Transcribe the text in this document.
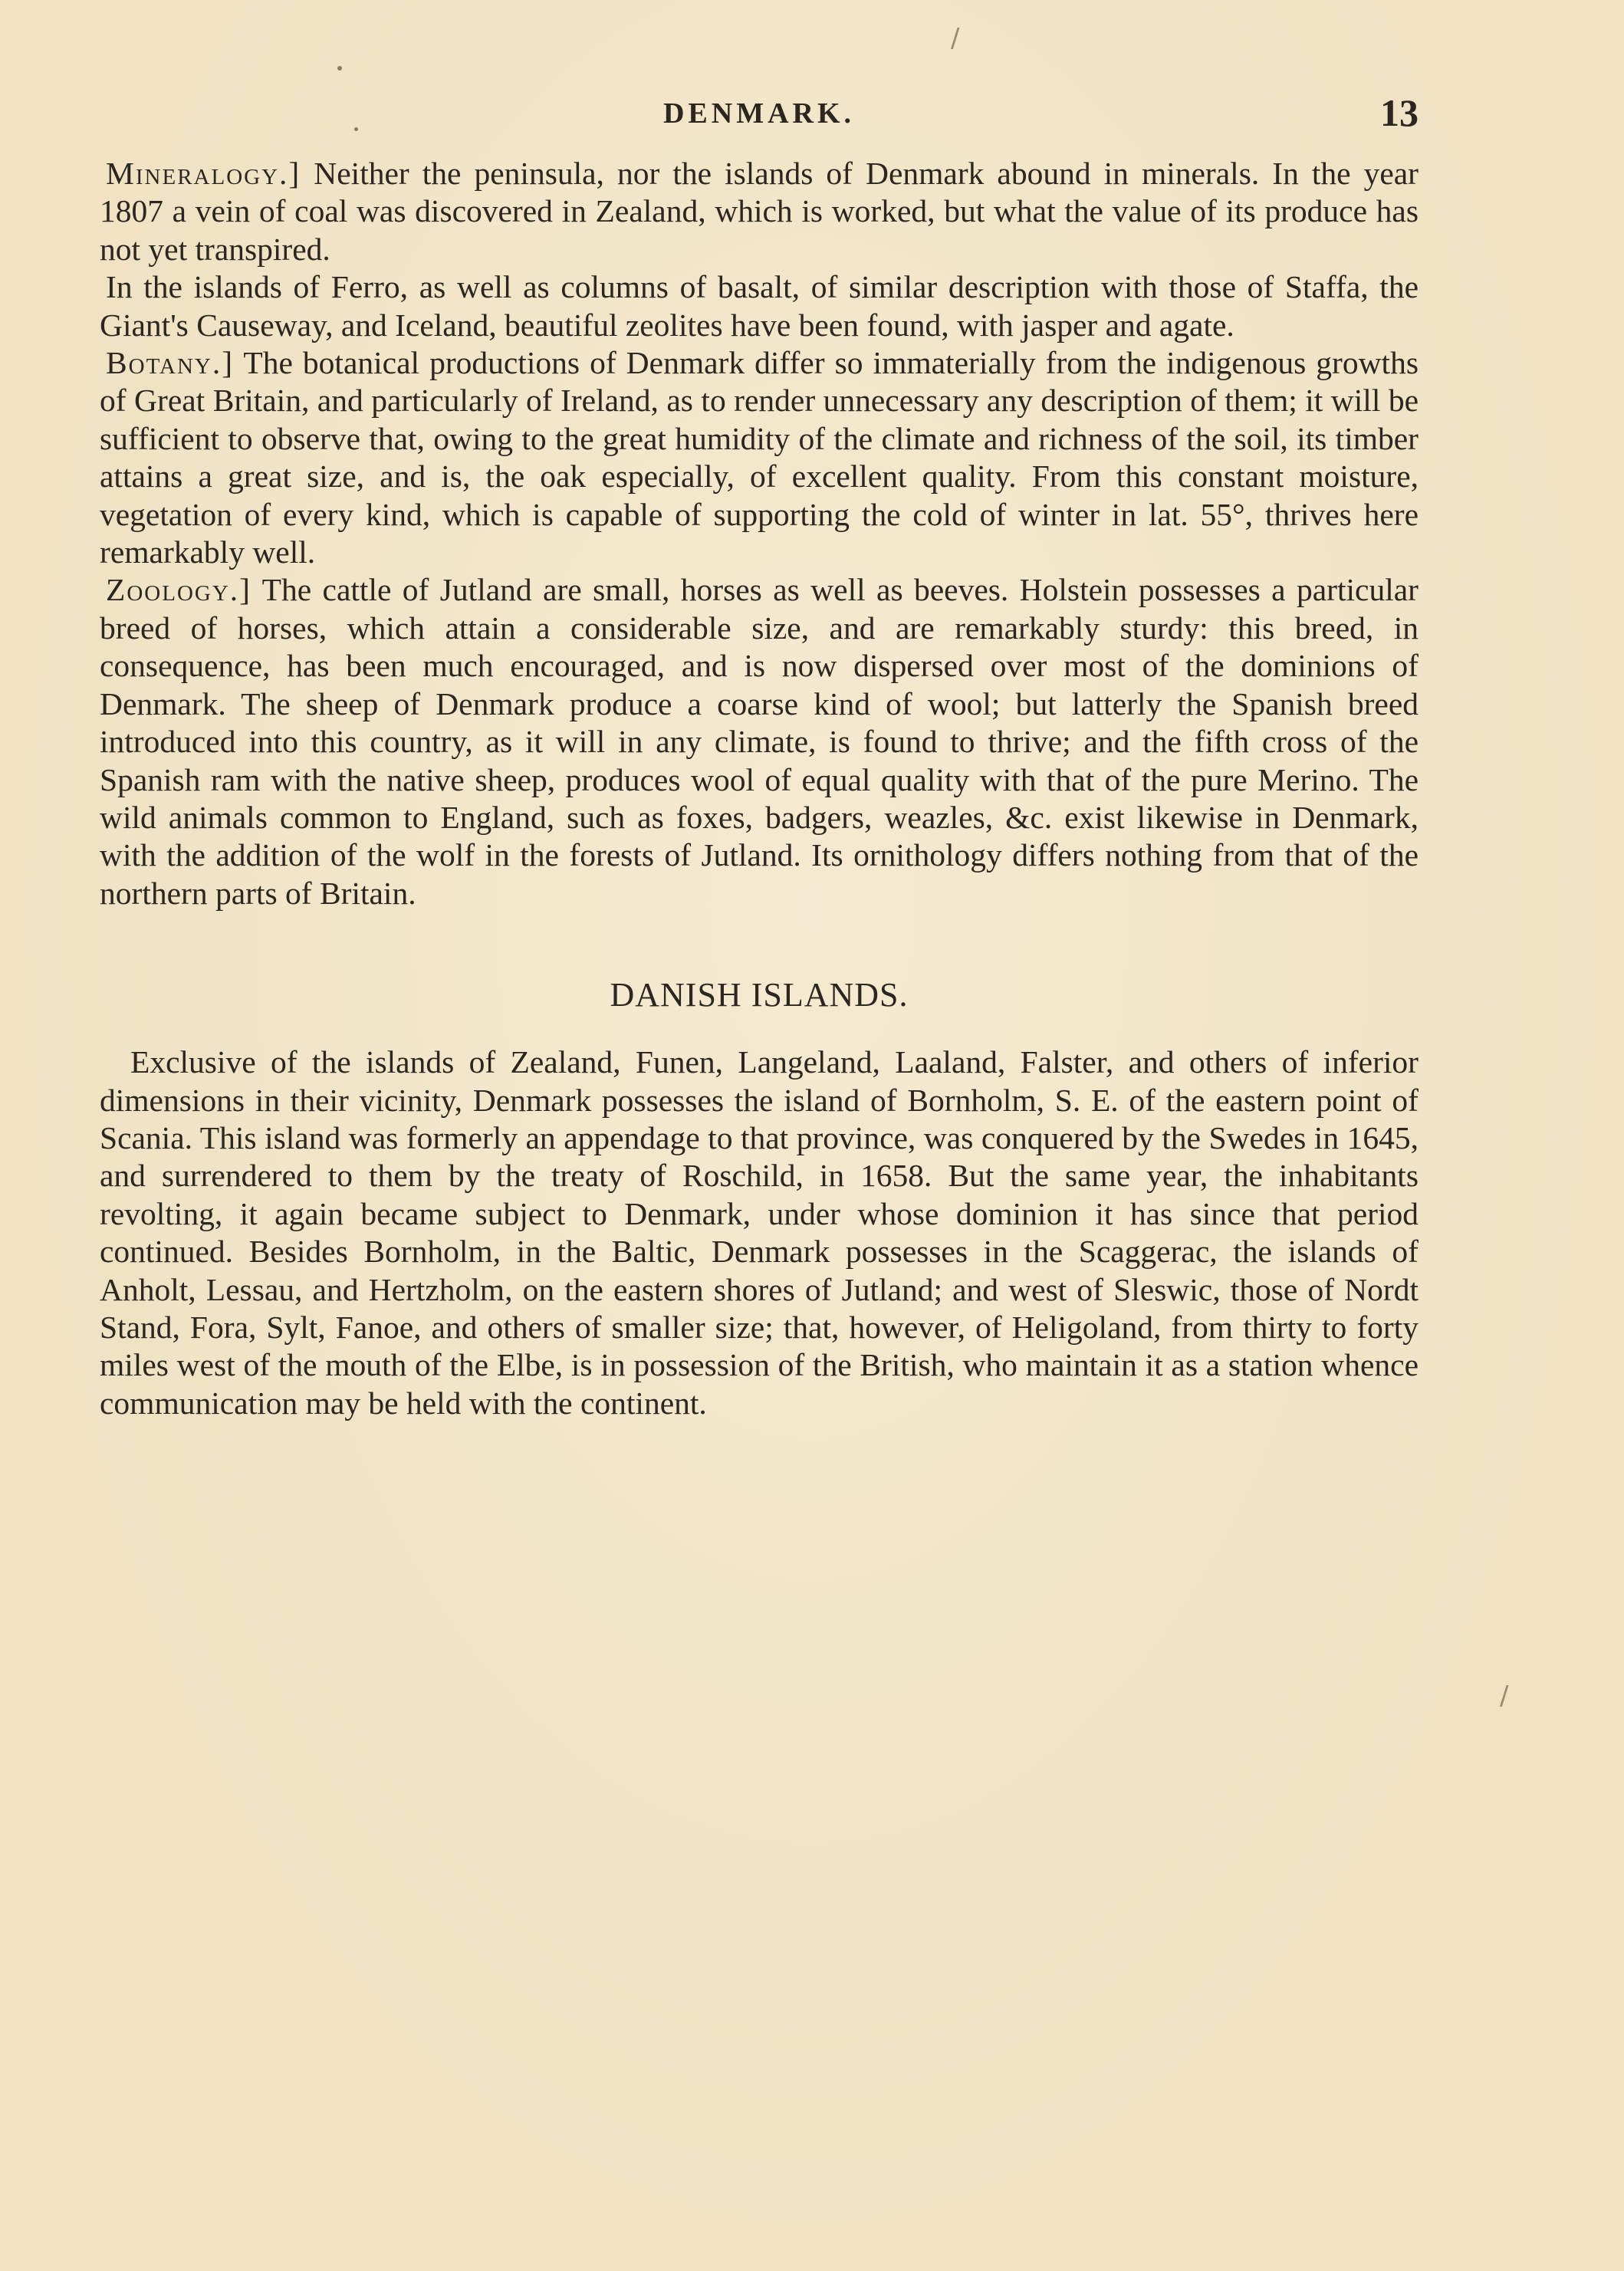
/
/
DENMARK.	13

Mineralogy.] Neither the peninsula, nor the islands of Denmark abound in minerals. In the year 1807 a vein of coal was discovered in Zealand, which is worked, but what the value of its produce has not yet transpired.

In the islands of Ferro, as well as columns of basalt, of similar description with those of Staffa, the Giant's Causeway, and Iceland, beautiful zeolites have been found, with jasper and agate.

Botany.] The botanical productions of Denmark differ so immaterially from the indigenous growths of Great Britain, and particularly of Ireland, as to render unnecessary any description of them; it will be sufficient to observe that, owing to the great humidity of the climate and richness of the soil, its timber attains a great size, and is, the oak especially, of excellent quality. From this constant moisture, vegetation of every kind, which is capable of supporting the cold of winter in lat. 55°, thrives here remarkably well.

Zoology.] The cattle of Jutland are small, horses as well as beeves. Holstein possesses a particular breed of horses, which attain a considerable size, and are remarkably sturdy: this breed, in consequence, has been much encouraged, and is now dispersed over most of the dominions of Denmark. The sheep of Denmark produce a coarse kind of wool; but latterly the Spanish breed introduced into this country, as it will in any climate, is found to thrive; and the fifth cross of the Spanish ram with the native sheep, produces wool of equal quality with that of the pure Merino. The wild animals common to England, such as foxes, badgers, weazles, &c. exist likewise in Denmark, with the addition of the wolf in the forests of Jutland. Its ornithology differs nothing from that of the northern parts of Britain.

DANISH ISLANDS.

Exclusive of the islands of Zealand, Funen, Langeland, Laaland, Falster, and others of inferior dimensions in their vicinity, Denmark possesses the island of Bornholm, S. E. of the eastern point of Scania. This island was formerly an appendage to that province, was conquered by the Swedes in 1645, and surrendered to them by the treaty of Roschild, in 1658. But the same year, the inhabitants revolting, it again became subject to Denmark, under whose dominion it has since that period continued. Besides Bornholm, in the Baltic, Denmark possesses in the Scaggerac, the islands of Anholt, Lessau, and Hertzholm, on the eastern shores of Jutland; and west of Sleswic, those of Nordt Stand, Fora, Sylt, Fanoe, and others of smaller size; that, however, of Heligoland, from thirty to forty miles west of the mouth of the Elbe, is in possession of the British, who maintain it as a station whence communication may be held with the continent.
